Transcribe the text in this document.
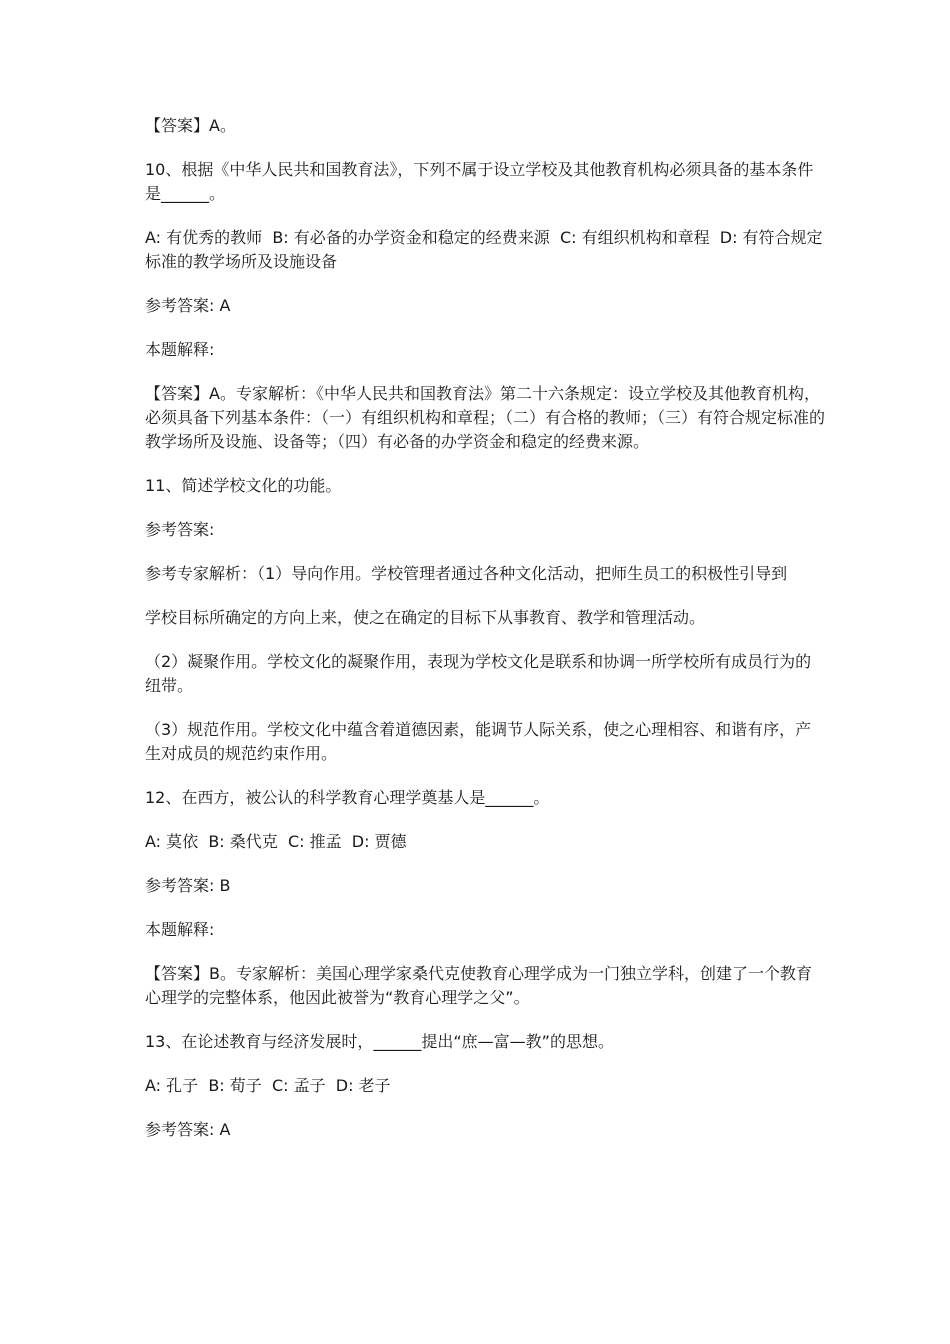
【答案】A。

10、根据《中华人民共和国教育法》，下列不属于设立学校及其他教育机构必须具备的基本条件是______。

A: 有优秀的教师  B: 有必备的办学资金和稳定的经费来源  C: 有组织机构和章程  D: 有符合规定标准的教学场所及设施设备

参考答案: A

本题解释:

【答案】A。专家解析：《中华人民共和国教育法》第二十六条规定：设立学校及其他教育机构，必须具备下列基本条件：（一）有组织机构和章程；（二）有合格的教师；（三）有符合规定标准的教学场所及设施、设备等；（四）有必备的办学资金和稳定的经费来源。

11、简述学校文化的功能。

参考答案:

参考专家解析：（1）导向作用。学校管理者通过各种文化活动，把师生员工的积极性引导到

学校目标所确定的方向上来，使之在确定的目标下从事教育、教学和管理活动。

（2）凝聚作用。学校文化的凝聚作用，表现为学校文化是联系和协调一所学校所有成员行为的纽带。

（3）规范作用。学校文化中蕴含着道德因素，能调节人际关系，使之心理相容、和谐有序，产生对成员的规范约束作用。

12、在西方，被公认的科学教育心理学奠基人是______。

A: 莫依  B: 桑代克  C: 推孟  D: 贾德

参考答案: B

本题解释:

【答案】B。专家解析：美国心理学家桑代克使教育心理学成为一门独立学科，创建了一个教育心理学的完整体系，他因此被誉为“教育心理学之父”。

13、在论述教育与经济发展时，______提出“庶—富—教”的思想。

A: 孔子  B: 荀子  C: 孟子  D: 老子

参考答案: A
